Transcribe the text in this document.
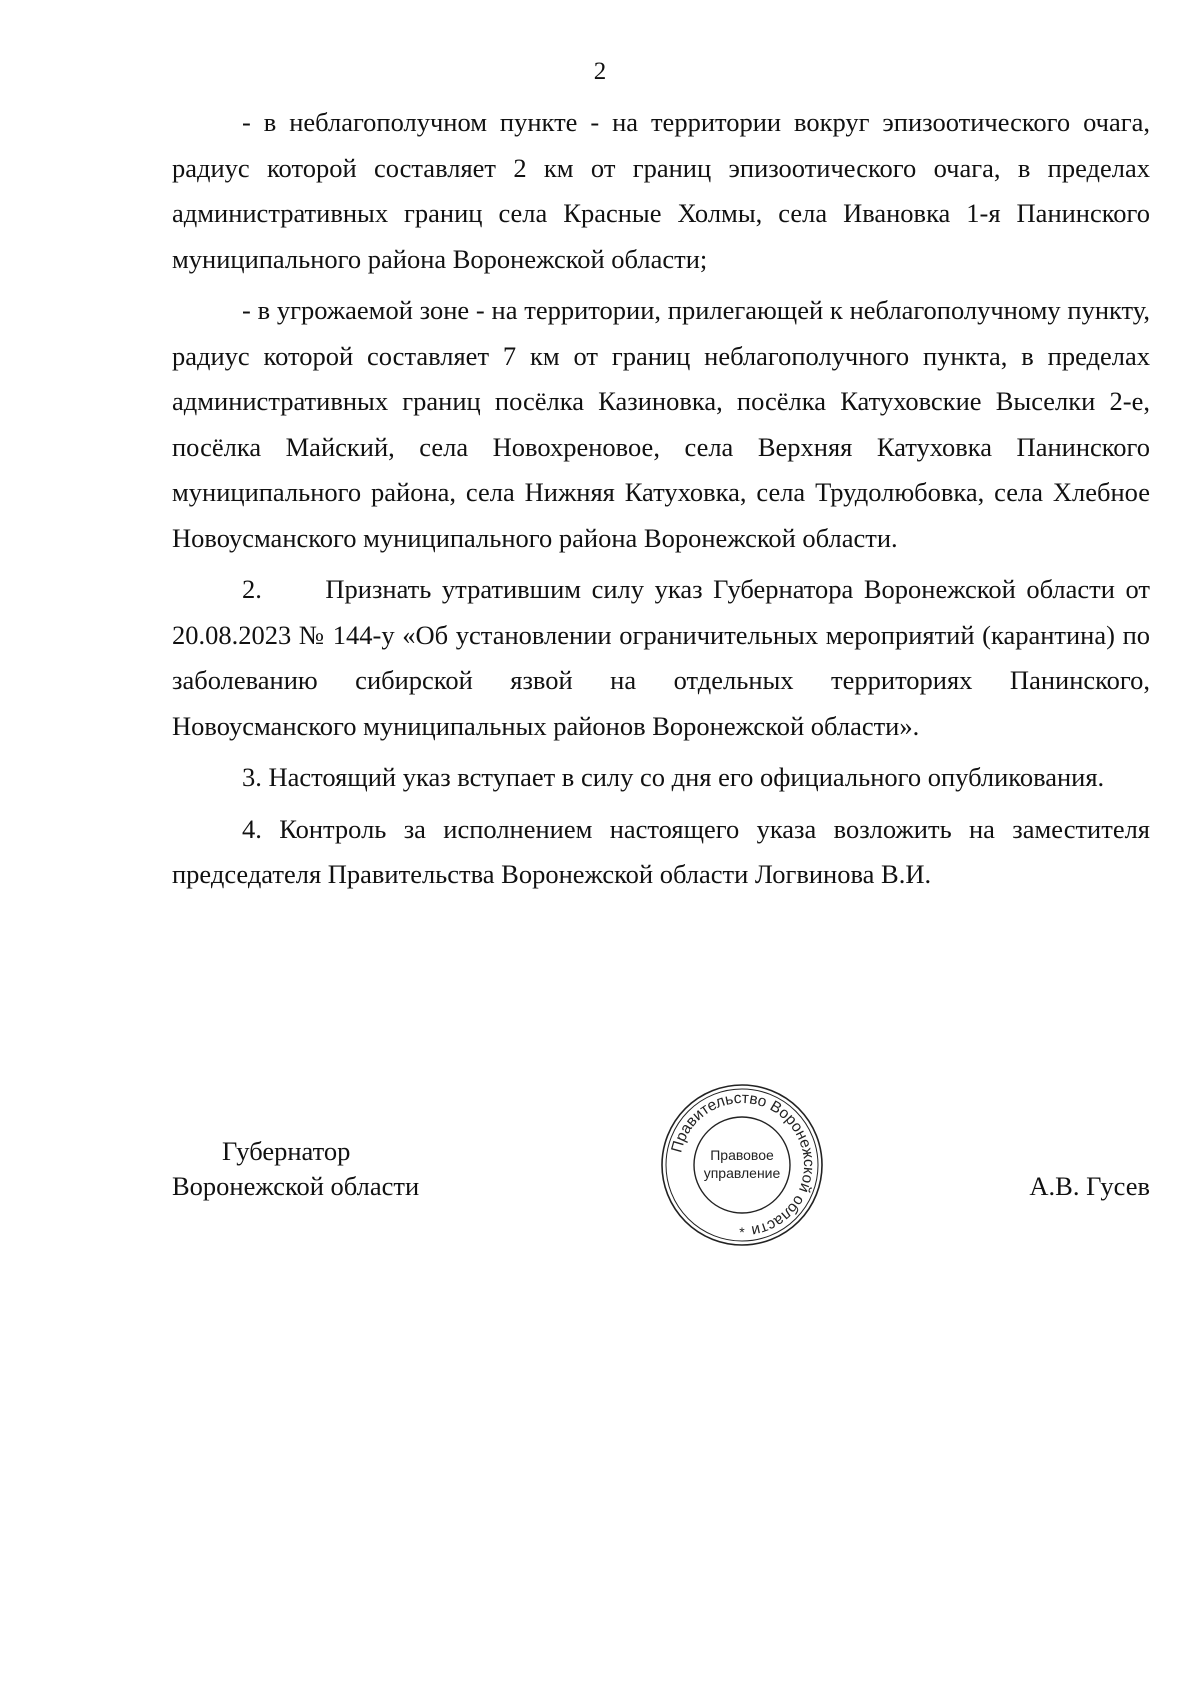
2

- в неблагополучном пункте - на территории вокруг эпизоотического очага, радиус которой составляет 2 км от границ эпизоотического очага, в пределах административных границ села Красные Холмы, села Ивановка 1-я Панинского муниципального района Воронежской области;

- в угрожаемой зоне - на территории, прилегающей к неблагополучному пункту, радиус которой составляет 7 км от границ неблагополучного пункта, в пределах административных границ посёлка Казиновка, посёлка Катуховские Выселки 2-е, посёлка Майский, села Новохреновое, села Верхняя Катуховка Панинского муниципального района, села Нижняя Катуховка, села Трудолюбовка, села Хлебное Новоусманского муниципального района Воронежской области.

2.      Признать утратившим силу указ Губернатора Воронежской области от 20.08.2023 № 144-у «Об установлении ограничительных мероприятий (карантина) по заболеванию сибирской язвой на отдельных территориях Панинского, Новоусманского муниципальных районов Воронежской области».

3. Настоящий указ вступает в силу со дня его официального опубликования.

4. Контроль за исполнением настоящего указа возложить на заместителя председателя Правительства Воронежской области Логвинова В.И.

Губернатор
Воронежской области
Правительство Воронежской области
Правовое
управление
*
А.В. Гусев
